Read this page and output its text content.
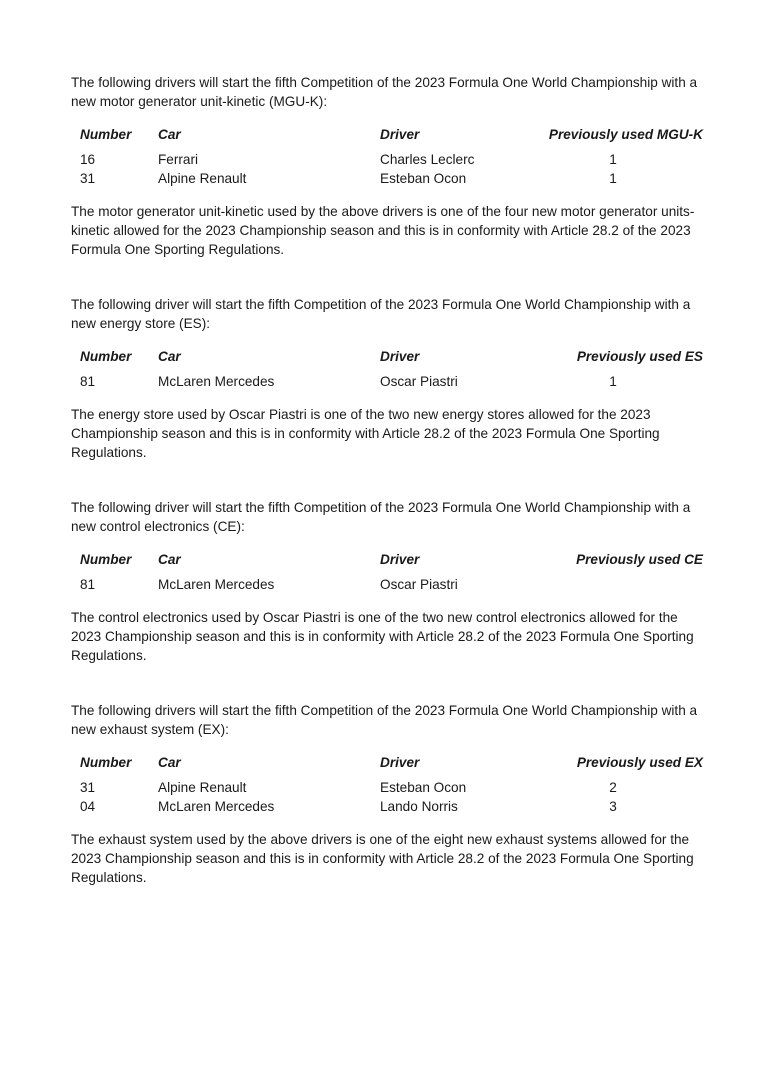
The following drivers will start the fifth Competition of the 2023 Formula One World Championship with a new motor generator unit-kinetic (MGU-K):

Number	Car	Driver	Previously used MGU-K
16	Ferrari	Charles Leclerc	1
31	Alpine Renault	Esteban Ocon	1

The motor generator unit-kinetic used by the above drivers is one of the four new motor generator units-kinetic allowed for the 2023 Championship season and this is in conformity with Article 28.2 of the 2023 Formula One Sporting Regulations.

The following driver will start the fifth Competition of the 2023 Formula One World Championship with a new energy store (ES):

Number	Car	Driver	Previously used ES
81	McLaren Mercedes	Oscar Piastri	1

The energy store used by Oscar Piastri is one of the two new energy stores allowed for the 2023 Championship season and this is in conformity with Article 28.2 of the 2023 Formula One Sporting Regulations.

The following driver will start the fifth Competition of the 2023 Formula One World Championship with a new control electronics (CE):

Number	Car	Driver	Previously used CE
81	McLaren Mercedes	Oscar Piastri

The control electronics used by Oscar Piastri is one of the two new control electronics allowed for the 2023 Championship season and this is in conformity with Article 28.2 of the 2023 Formula One Sporting Regulations.

The following drivers will start the fifth Competition of the 2023 Formula One World Championship with a new exhaust system (EX):

Number	Car	Driver	Previously used EX
31	Alpine Renault	Esteban Ocon	2
04	McLaren Mercedes	Lando Norris	3

The exhaust system used by the above drivers is one of the eight new exhaust systems allowed for the 2023 Championship season and this is in conformity with Article 28.2 of the 2023 Formula One Sporting Regulations.
